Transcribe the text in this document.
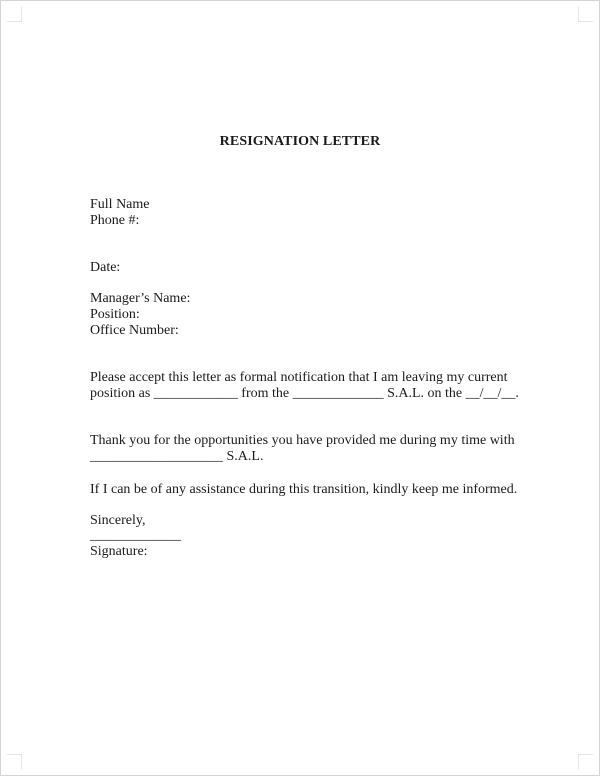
RESIGNATION LETTER
Full Name
Phone #:
Date:
Manager’s Name:
Position:
Office Number:
Please accept this letter as formal notification that I am leaving my current
position as ____________ from the _____________ S.A.L. on the __/__/__.
Thank you for the opportunities you have provided me during my time with
___________________ S.A.L.
If I can be of any assistance during this transition, kindly keep me informed.
Sincerely,
_____________
Signature:
